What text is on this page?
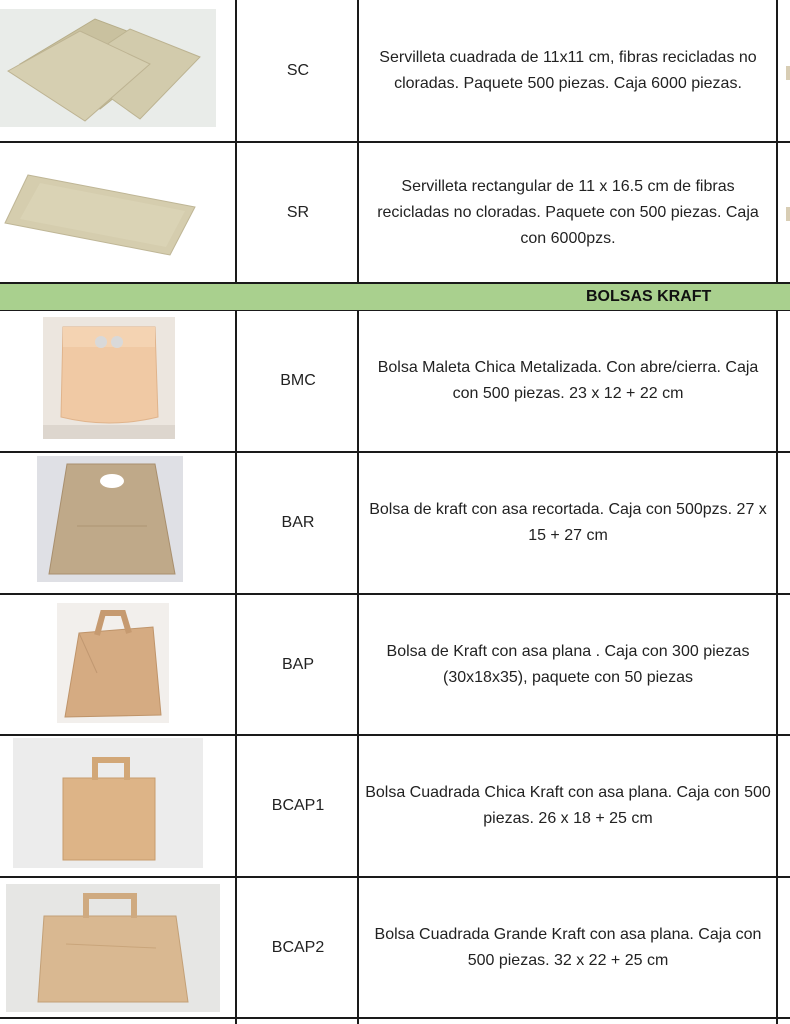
BOLSAS KRAFT
SC
Servilleta cuadrada de 11x11 cm, fibras recicladas no cloradas. Paquete 500 piezas. Caja 6000 piezas.
SR
Servilleta rectangular de 11 x 16.5 cm de fibras recicladas no cloradas. Paquete con 500 piezas. Caja con 6000pzs.
BMC
Bolsa Maleta Chica Metalizada. Con abre/cierra. Caja con 500 piezas. 23 x 12 + 22 cm
BAR
Bolsa de kraft con asa recortada. Caja con 500pzs. 27 x 15 + 27 cm
BAP
Bolsa de Kraft con asa plana . Caja con 300 piezas (30x18x35), paquete con 50 piezas
BCAP1
Bolsa Cuadrada Chica Kraft con asa plana. Caja con 500 piezas. 26 x 18 + 25 cm
BCAP2
Bolsa Cuadrada Grande Kraft con asa plana. Caja con 500 piezas. 32 x 22 + 25 cm
